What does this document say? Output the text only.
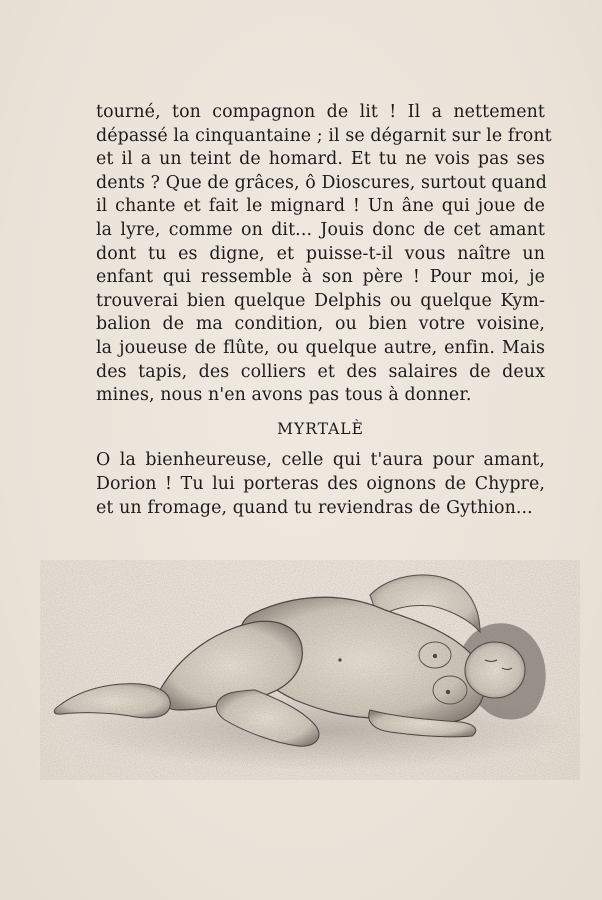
tourné, ton compagnon de lit ! Il a nettement
dépassé la cinquantaine ; il se dégarnit sur le front
et il a un teint de homard. Et tu ne vois pas ses
dents ? Que de grâces, ô Dioscures, surtout quand
il chante et fait le mignard ! Un âne qui joue de
la lyre, comme on dit... Jouis donc de cet amant
dont tu es digne, et puisse-t-il vous naître un
enfant qui ressemble à son père ! Pour moi, je
trouverai bien quelque Delphis ou quelque Kym-
balion de ma condition, ou bien votre voisine,
la joueuse de flûte, ou quelque autre, enfin. Mais
des tapis, des colliers et des salaires de deux
mines, nous n'en avons pas tous à donner.
MYRTALÈ
O la bienheureuse, celle qui t'aura pour amant,
Dorion ! Tu lui porteras des oignons de Chypre,
et un fromage, quand tu reviendras de Gythion...
